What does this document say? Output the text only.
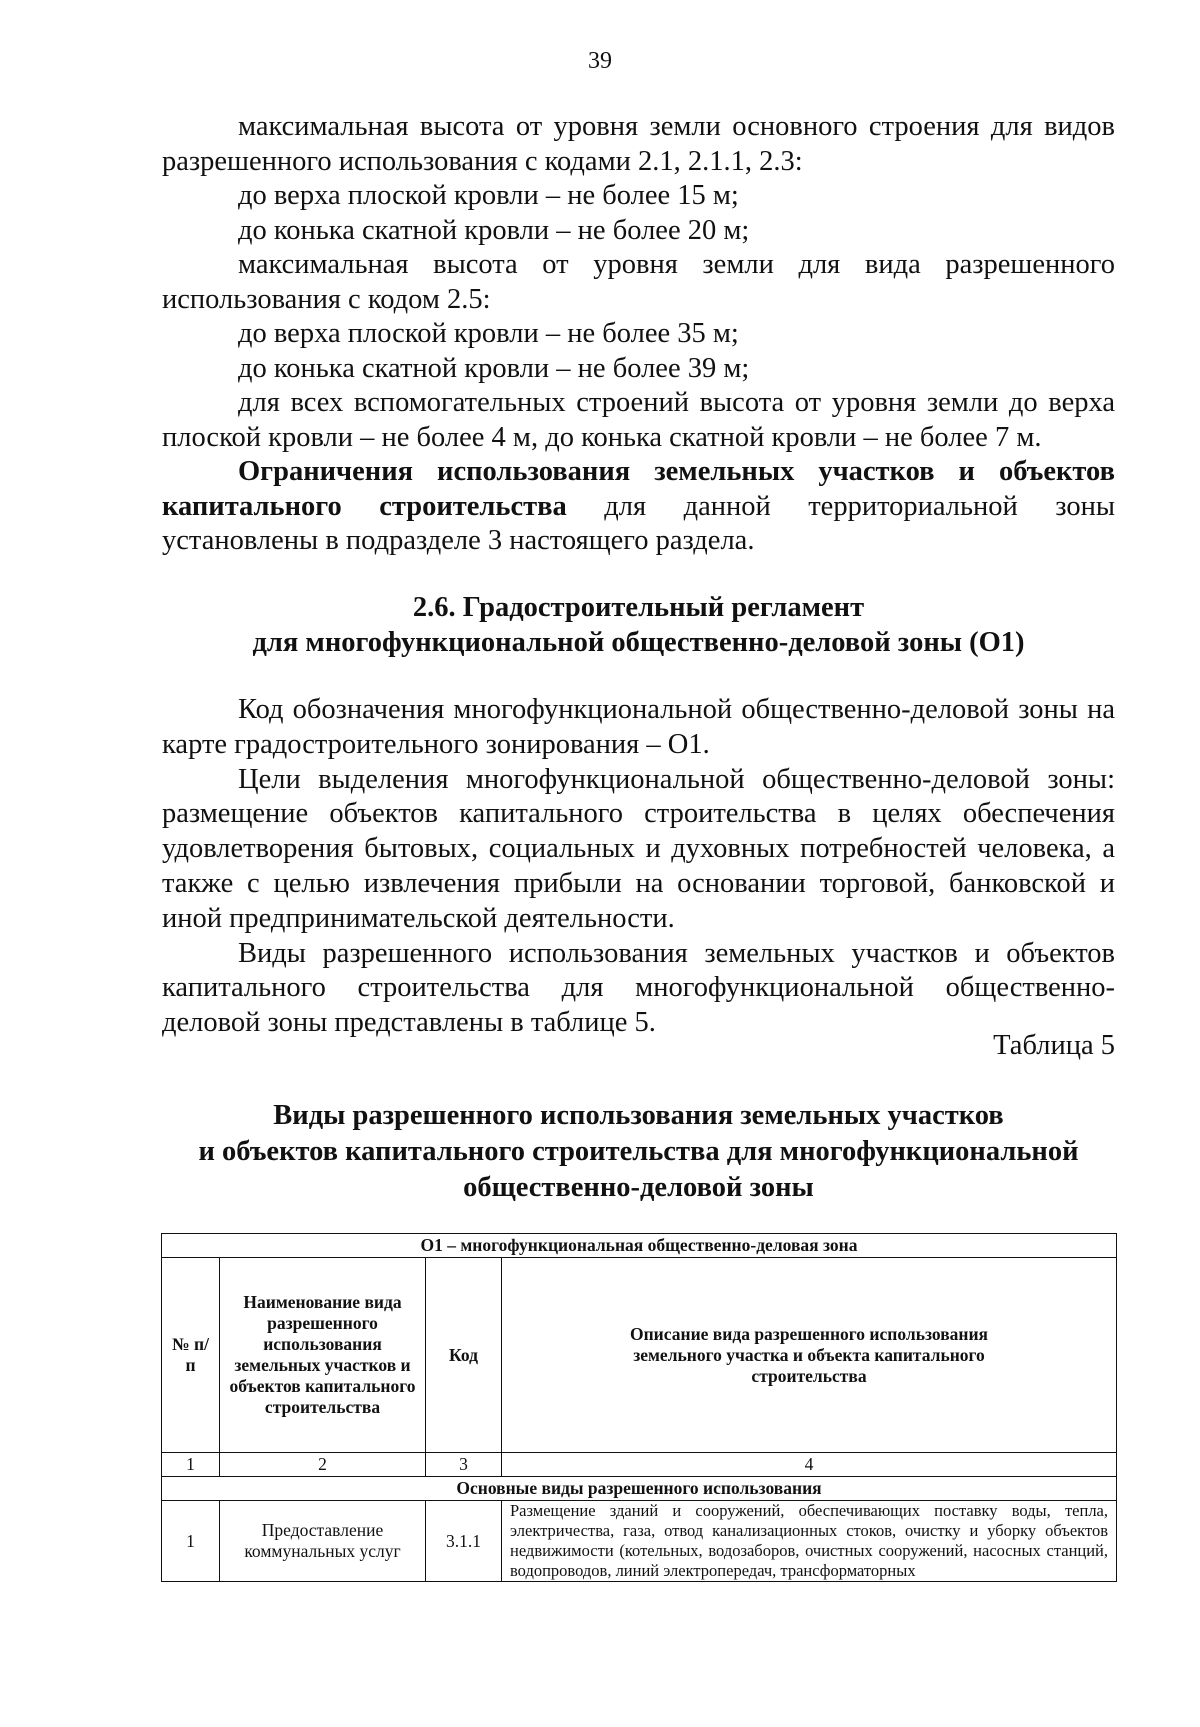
39

максимальная высота от уровня земли основного строения для видов разрешенного использования с кодами 2.1, 2.1.1, 2.3:

до верха плоской кровли – не более 15 м;

до конька скатной кровли – не более 20 м;

максимальная высота от уровня земли для вида разрешенного использования с кодом 2.5:

до верха плоской кровли – не более 35 м;

до конька скатной кровли – не более 39 м;

для всех вспомогательных строений высота от уровня земли до верха плоской кровли – не более 4 м, до конька скатной кровли – не более 7 м.

Ограничения использования земельных участков и объектов капитального строительства для данной территориальной зоны установлены в подразделе 3 настоящего раздела.

2.6. Градостроительный регламент
для многофункциональной общественно-деловой зоны (О1)

Код обозначения многофункциональной общественно-деловой зоны на карте градостроительного зонирования – О1.

Цели выделения многофункциональной общественно-деловой зоны: размещение объектов капитального строительства в целях обеспечения удовлетворения бытовых, социальных и духовных потребностей человека, а также с целью извлечения прибыли на основании торговой, банковской и иной предпринимательской деятельности.

Виды разрешенного использования земельных участков и объектов капитального строительства для многофункциональной общественно-деловой зоны представлены в таблице 5.

Таблица 5
Виды разрешенного использования земельных участков
и объектов капитального строительства для многофункциональной
общественно-деловой зоны
О1 – многофункциональная общественно-деловая зона			
№ п/п	Наименование вида разрешенного использования земельных участков и объектов капитального строительства	Код	Описание вида разрешенного использования земельного участка и объекта капитального строительства
1	2	3	4
Основные виды разрешенного использования			
1	Предоставление коммунальных услуг	3.1.1	Размещение зданий и сооружений, обеспечивающих поставку воды, тепла, электричества, газа, отвод канализационных стоков, очистку и уборку объектов недвижимости (котельных, водозаборов, очистных сооружений, насосных станций, водопроводов, линий электропередач, трансформаторных
